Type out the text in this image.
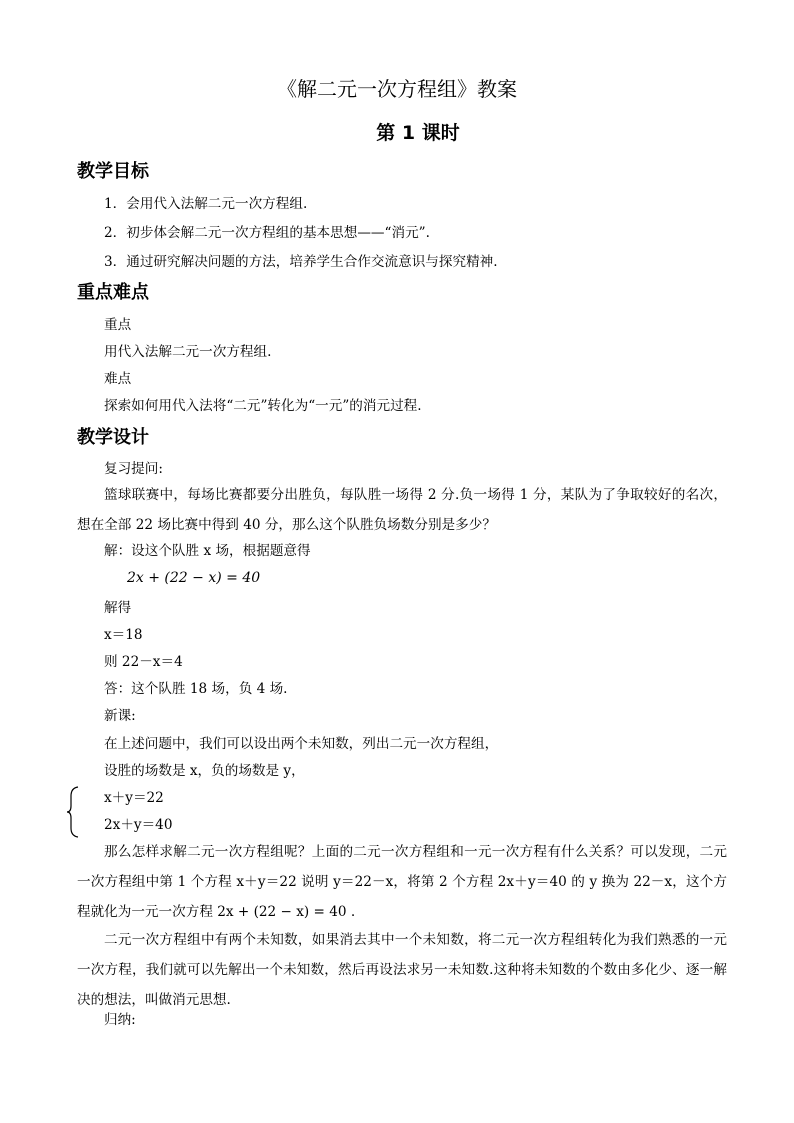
《解二元一次方程组》教案
第 1 课时
教学目标
1．会用代入法解二元一次方程组.
2．初步体会解二元一次方程组的基本思想——“消元”.
3．通过研究解决问题的方法，培养学生合作交流意识与探究精神.
重点难点
重点
用代入法解二元一次方程组.
难点
探索如何用代入法将“二元”转化为“一元”的消元过程.
教学设计
复习提问:
篮球联赛中，每场比赛都要分出胜负，每队胜一场得 2 分.负一场得 1 分，某队为了争取较好的名次，想在全部 22 场比赛中得到 40 分，那么这个队胜负场数分别是多少？
解：设这个队胜 x 场，根据题意得
2x + (22 − x) = 40
解得
x＝18
则 22－x＝4
答：这个队胜 18 场，负 4 场.
新课:
在上述问题中，我们可以设出两个未知数，列出二元一次方程组，
设胜的场数是 x，负的场数是 y，
x＋y＝22
2x＋y＝40
那么怎样求解二元一次方程组呢？上面的二元一次方程组和一元一次方程有什么关系？可以发现，二元一次方程组中第 1 个方程 x＋y＝22 说明 y＝22－x，将第 2 个方程 2x＋y＝40 的 y 换为 22－x，这个方程就化为一元一次方程 2x + (22 − x) = 40 .
二元一次方程组中有两个未知数，如果消去其中一个未知数，将二元一次方程组转化为我们熟悉的一元一次方程，我们就可以先解出一个未知数，然后再设法求另一未知数.这种将未知数的个数由多化少、逐一解决的想法，叫做消元思想.
归纳:
